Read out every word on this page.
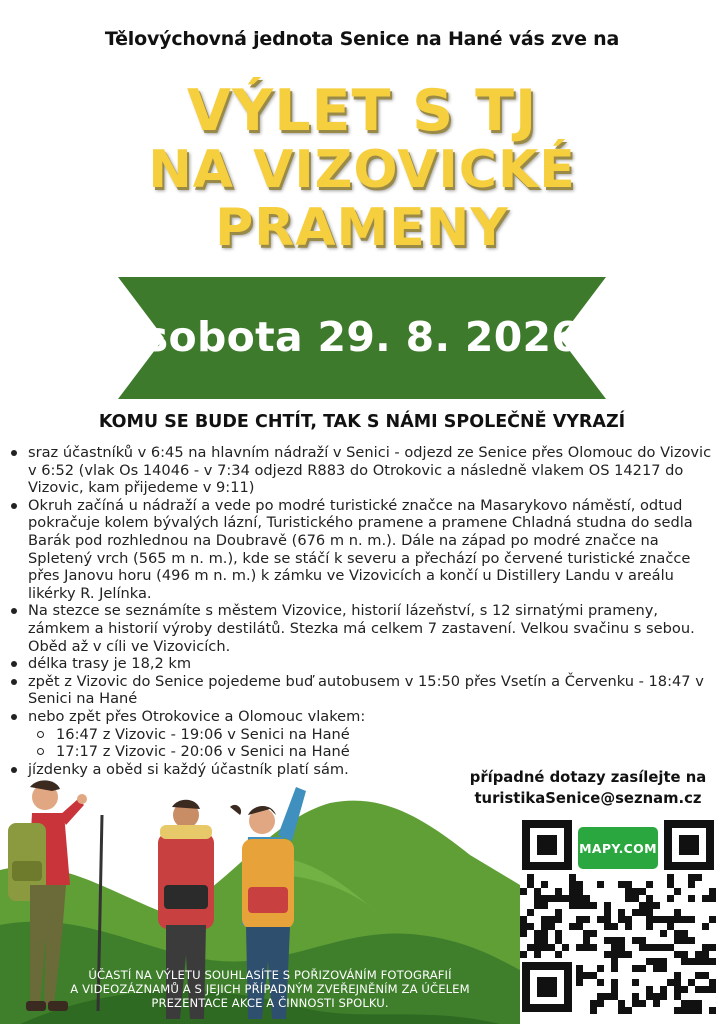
Tělovýchovná jednota Senice na Hané vás zve na
VÝLET S TJ
NA VIZOVICKÉ
PRAMENY
sobota 29. 8. 2026
KOMU SE BUDE CHTÍT, TAK S NÁMI SPOLEČNĚ VYRAZÍ
sraz účastníků v 6:45 na hlavním nádraží v Senici - odjezd ze Senice přes Olomouc do Vizovic v 6:52 (vlak Os 14046 - v 7:34 odjezd R883 do Otrokovic a následně vlakem OS 14217 do Vizovic, kam přijedeme v 9:11)
Okruh začíná u nádraží a vede po modré turistické značce na Masarykovo náměstí, odtud pokračuje kolem bývalých lázní, Turistického pramene a pramene Chladná studna do sedla Barák pod rozhlednou na Doubravě (676 m n. m.). Dále na západ po modré značce na Spletený vrch (565 m n. m.), kde se stáčí k severu a přechází po červené turistické značce přes Janovu horu (496 m n. m.) k zámku ve Vizovicích a končí u Distillery Landu v areálu likérky R. Jelínka.
Na stezce se seznámíte s městem Vizovice, historií lázeňství, s 12 sirnatými prameny, zámkem a historií výroby destilátů. Stezka má celkem 7 zastavení. Velkou svačinu s sebou. Oběd až v cíli ve Vizovicích.
délka trasy je 18,2 km
zpět z Vizovic do Senice pojedeme buď autobusem v 15:50 přes Vsetín a Červenku - 18:47 v Senici na Hané
nebo zpět přes Otrokovice a Olomouc vlakem:
16:47 z Vizovic - 19:06 v Senici na Hané
17:17 z Vizovic - 20:06 v Senici na Hané
jízdenky a oběd si každý účastník platí sám.	případné dotazy zasílejte na
turistikaSenice@seznam.cz
MAPY.COM
ÚČASTÍ NA VÝLETU SOUHLASÍTE S POŘIZOVÁNÍM FOTOGRAFIÍ
A VIDEOZÁZNAMŮ A S JEJICH PŘÍPADNÝM ZVEŘEJNĚNÍM ZA ÚČELEM
PREZENTACE AKCE A ČINNOSTI SPOLKU.
